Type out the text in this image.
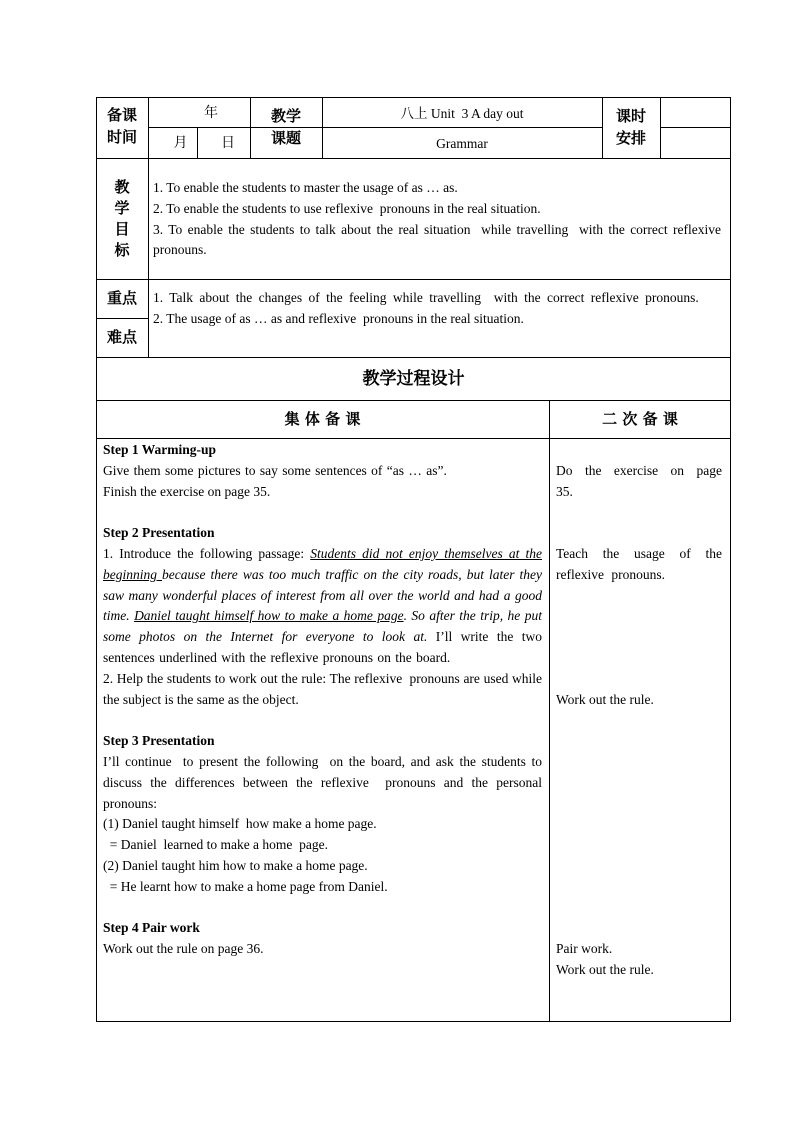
备课
时间
年
月	日
教学
课题
八上 Unit  3 A day out
Grammar
课时
安排
教
学
目
标

1. To enable the students to master the usage of as … as.

2. To enable the students to use reflexive  pronouns in the real situation.

3. To enable the students to talk about the real situation  while travelling  with the correct reflexive  pronouns.

重点
难点

1. Talk about the changes of the feeling while travelling  with the correct reflexive pronouns.

2. The usage of as … as and reflexive  pronouns in the real situation.

教学过程设计
集 体 备 课	二 次 备 课

Step 1 Warming-up

Give them some pictures to say some sentences of “as … as”.

Finish the exercise on page 35.

Step 2 Presentation

1. Introduce the following passage: Students did not enjoy themselves at the beginning because there was too much traffic on the city roads, but later they saw many wonderful places of interest from all over the world and had a good time. Daniel taught himself how to make a home page. So after the trip, he put some photos on the Internet for everyone to look at. I’ll write the two sentences underlined with the reflexive pronouns on the board.

2. Help the students to work out the rule: The reflexive  pronouns are used while the subject is the same as the object.

Step 3 Presentation

I’ll continue  to present the following  on the board, and ask the students to discuss the differences between the reflexive  pronouns and the personal pronouns:

(1) Daniel taught himself  how make a home page.

= Daniel  learned to make a home  page.

(2) Daniel taught him how to make a home page.

= He learnt how to make a home page from Daniel.

Step 4 Pair work

Work out the rule on page 36.

Do the exercise on page 35.
Teach the usage of the reflexive pronouns.
Work out the rule.

Pair work.

Work out the rule.
